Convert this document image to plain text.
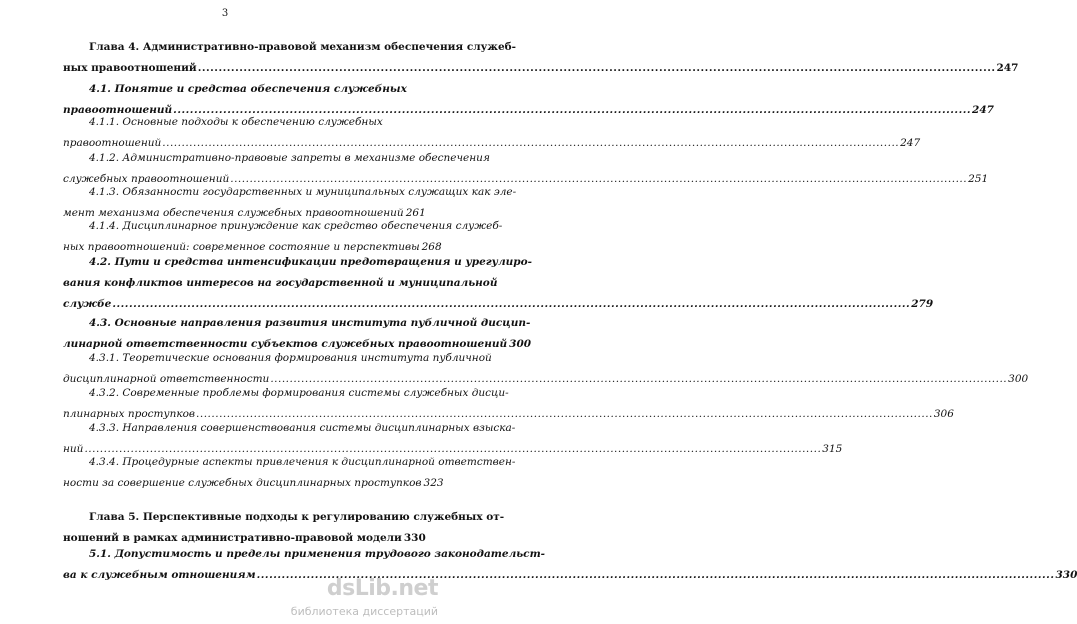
3
Глава 4. Административно-правовой механизм обеспечения служеб-
ных правоотношений .....	247
4.1. Понятие и средства обеспечения служебных
правоотношений .....	247
4.1.1. Основные подходы к обеспечению служебных
правоотношений .....	247
4.1.2. Административно-правовые запреты в механизме обеспечения
служебных правоотношений .....	251
4.1.3. Обязанности государственных и муниципальных служащих как эле-
мент механизма обеспечения служебных правоотношений 261
4.1.4. Дисциплинарное принуждение как средство обеспечения служеб-
ных правоотношений: современное состояние и перспективы 268
4.2. Пути и средства интенсификации предотвращения и урегулиро-
вания конфликтов интересов на государственной и муниципальной
службе .....	279
4.3. Основные направления развития института публичной дисцип-
линарной ответственности субъектов служебных правоотношений 300
4.3.1. Теоретические основания формирования института публичной
дисциплинарной ответственности .....	300
4.3.2. Современные проблемы формирования системы служебных дисци-
плинарных проступков .....	306
4.3.3. Направления совершенствования системы дисциплинарных взыска-
ний .....	315
4.3.4. Процедурные аспекты привлечения к дисциплинарной ответствен-
ности за совершение служебных дисциплинарных проступков 323
Глава 5. Перспективные подходы к регулированию служебных от-
ношений в рамках административно-правовой модели 330
5.1. Допустимость и пределы применения трудового законодательст-
ва к служебным отношениям .....	330
dsLib.net
библиотека диссертаций
